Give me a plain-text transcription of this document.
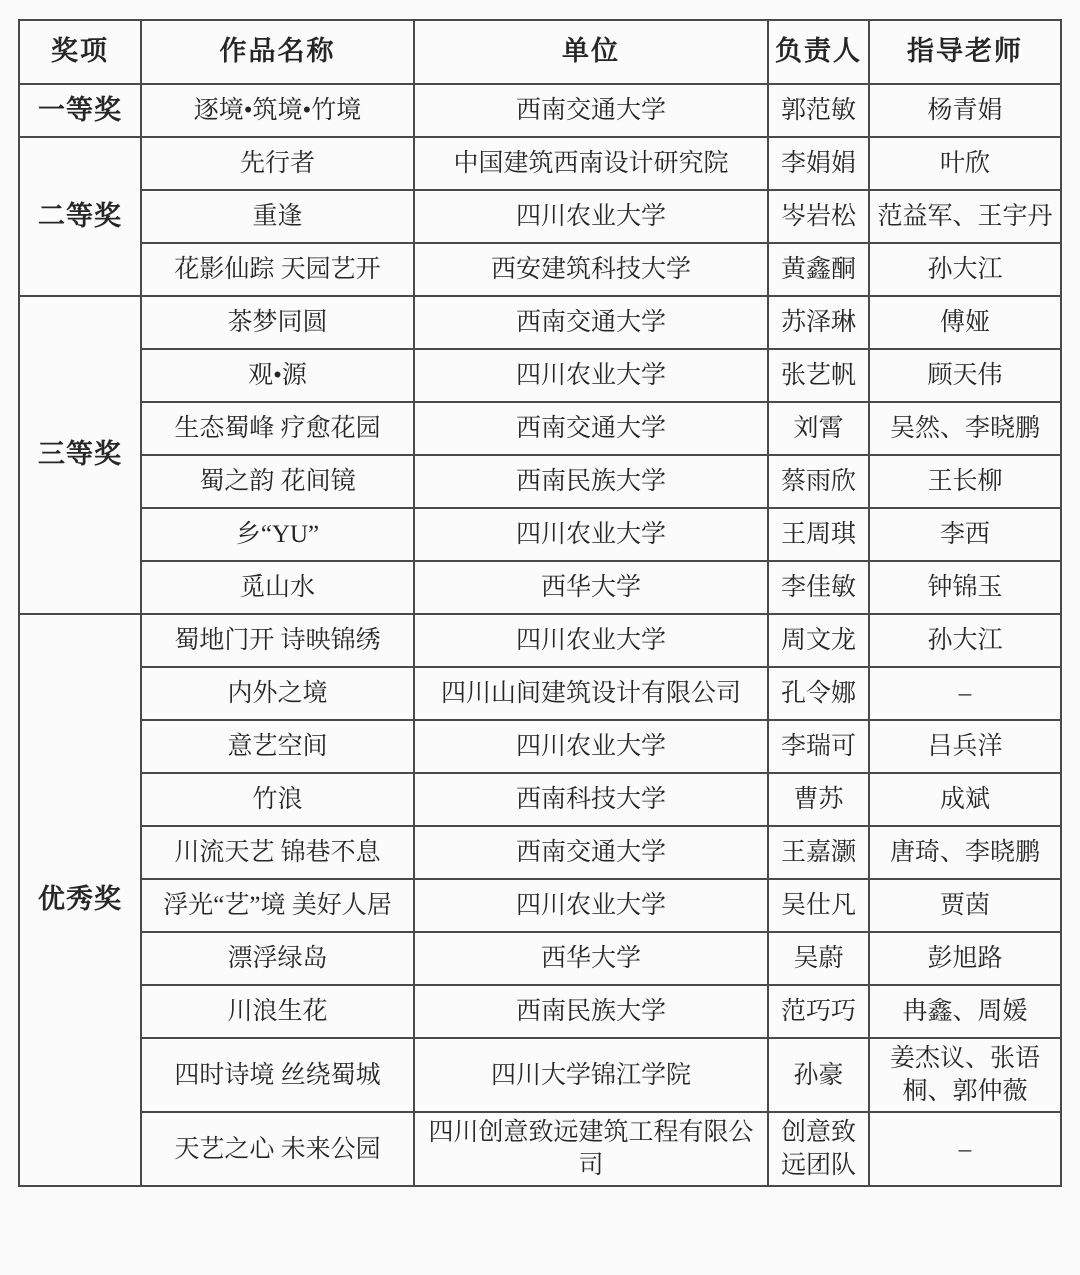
奖项	作品名称	单位	负责人	指导老师
一等奖	逐境•筑境•竹境	西南交通大学	郭范敏	杨青娟
二等奖	先行者	中国建筑西南设计研究院	李娟娟	叶欣
	重逢	四川农业大学	岑岩松	范益军、王宇丹
	花影仙踪 天园艺开	西安建筑科技大学	黄鑫酮	孙大江
三等奖	茶梦同圆	西南交通大学	苏泽琳	傅娅
	观•源	四川农业大学	张艺帆	顾天伟
	生态蜀峰 疗愈花园	西南交通大学	刘霄	吴然、李晓鹏
	蜀之韵 花间镜	西南民族大学	蔡雨欣	王长柳
	乡“YU”	四川农业大学	王周琪	李西
	觅山水	西华大学	李佳敏	钟锦玉
优秀奖	蜀地门开 诗映锦绣	四川农业大学	周文龙	孙大江
	内外之境	四川山间建筑设计有限公司	孔令娜	–
	意艺空间	四川农业大学	李瑞可	吕兵洋
	竹浪	西南科技大学	曹苏	成斌
	川流天艺 锦巷不息	西南交通大学	王嘉灏	唐琦、李晓鹏
	浮光“艺”境 美好人居	四川农业大学	吴仕凡	贾茵
	漂浮绿岛	西华大学	吴蔚	彭旭路
	川浪生花	西南民族大学	范巧巧	冉鑫、周媛
	四时诗境 丝绕蜀城	四川大学锦江学院	孙豪	姜杰议、张语桐、郭仲薇
	天艺之心 未来公园	四川创意致远建筑工程有限公司	创意致远团队	–
